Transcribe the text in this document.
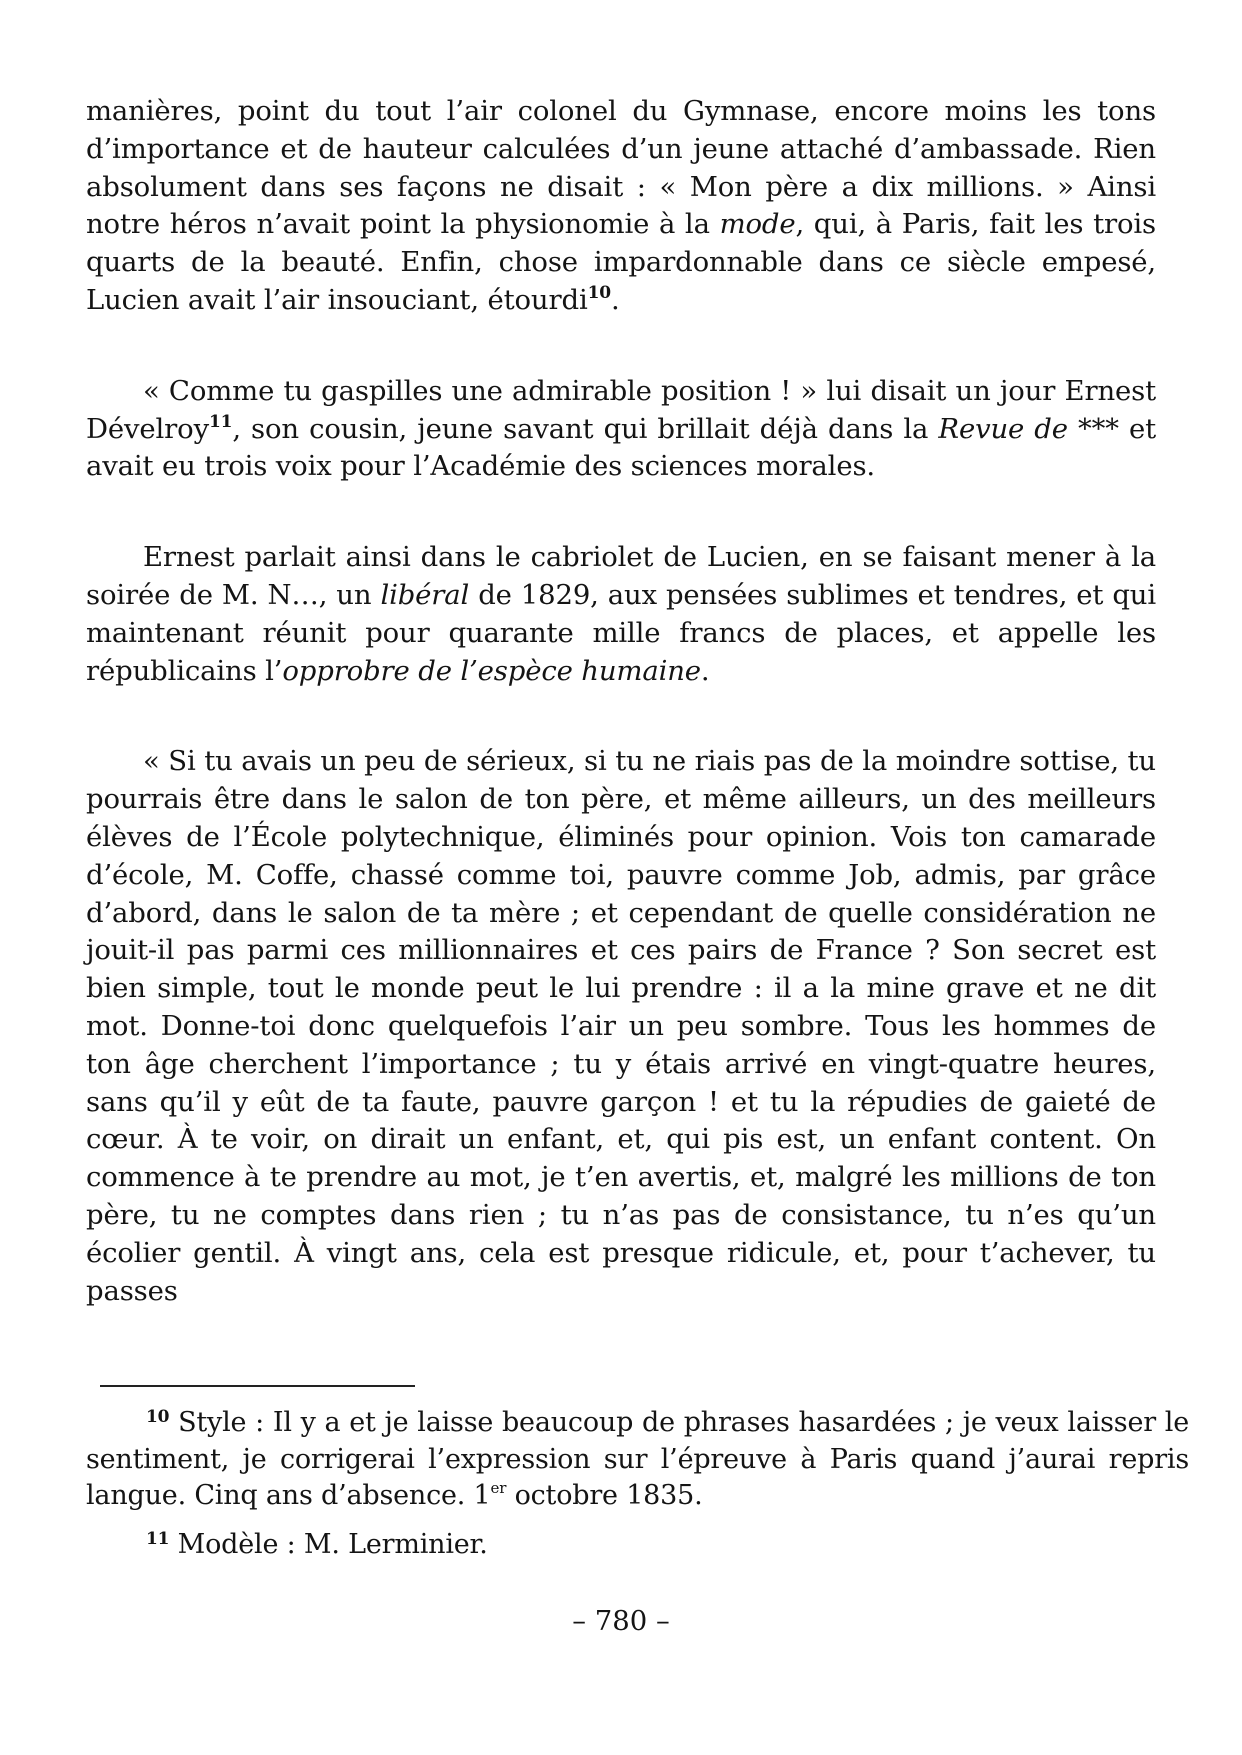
manières, point du tout l’air colonel du Gymnase, encore moins les tons d’importance et de hauteur calculées d’un jeune attaché d’ambassade. Rien absolument dans ses façons ne disait : « Mon père a dix millions. » Ainsi notre héros n’avait point la physionomie à la mode, qui, à Paris, fait les trois quarts de la beauté. Enfin, chose impardonnable dans ce siècle empesé, Lucien avait l’air insouciant, étourdi$^{10}$.

« Comme tu gaspilles une admirable position ! » lui disait un jour Ernest Dévelroy$^{11}$, son cousin, jeune savant qui brillait déjà dans la Revue de *** et avait eu trois voix pour l’Académie des sciences morales.

Ernest parlait ainsi dans le cabriolet de Lucien, en se faisant mener à la soirée de M. N…, un libéral de 1829, aux pensées sublimes et tendres, et qui maintenant réunit pour quarante mille francs de places, et appelle les républicains l’opprobre de l’espèce humaine.

« Si tu avais un peu de sérieux, si tu ne riais pas de la moindre sottise, tu pourrais être dans le salon de ton père, et même ailleurs, un des meilleurs élèves de l’École polytechnique, éliminés pour opinion. Vois ton camarade d’école, M. Coffe, chassé comme toi, pauvre comme Job, admis, par grâce d’abord, dans le salon de ta mère ; et cependant de quelle considération ne jouit-il pas parmi ces millionnaires et ces pairs de France ? Son secret est bien simple, tout le monde peut le lui prendre : il a la mine grave et ne dit mot. Donne-toi donc quelquefois l’air un peu sombre. Tous les hommes de ton âge cherchent l’importance ; tu y étais arrivé en vingt-quatre heures, sans qu’il y eût de ta faute, pauvre garçon ! et tu la répudies de gaieté de cœur. À te voir, on dirait un enfant, et, qui pis est, un enfant content. On commence à te prendre au mot, je t’en avertis, et, malgré les millions de ton père, tu ne comptes dans rien ; tu n’as pas de consistance, tu n’es qu’un écolier gentil. À vingt ans, cela est presque ridicule, et, pour t’achever, tu passes

$^{10}$ Style : Il y a et je laisse beaucoup de phrases hasardées ; je veux laisser le sentiment, je corrigerai l’expression sur l’épreuve à Paris quand j’aurai repris langue. Cinq ans d’absence. 1er octobre 1835.

$^{11}$ Modèle : M. Lerminier.

– 780 –
